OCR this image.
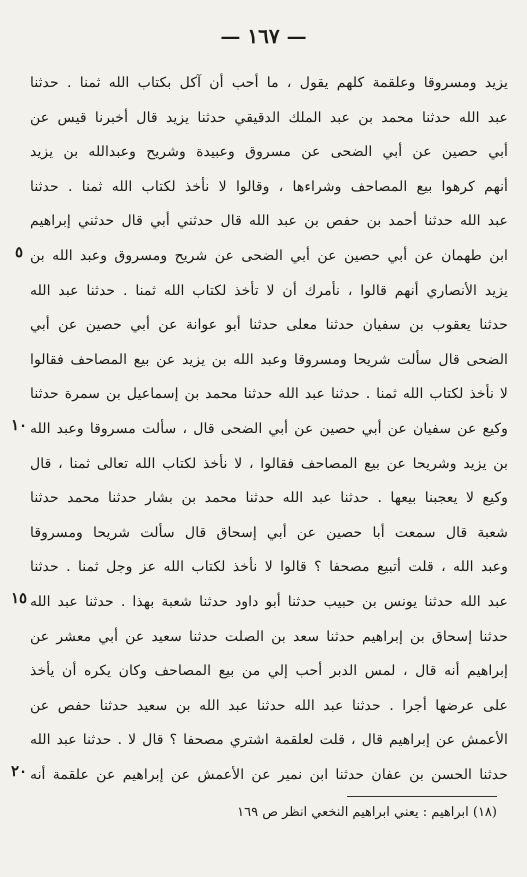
— ١٦٧ —
٥
١٠
١٥
٢٠
يزيد ومسروقا وعلقمة كلهم يقول ، ما أحب أن آكل بكتاب الله ثمنا . حدثنا
عبد الله حدثنا محمد بن عبد الملك الدقيقي حدثنا يزيد قال أخبرنا قيس عن
أبي حصين عن أبي الضحى عن مسروق وعبيدة وشريح وعبدالله بن يزيد
أنهم كرهوا بيع المصاحف وشراءها ، وقالوا لا نأخذ لكتاب الله ثمنا . حدثنا
عبد الله حدثنا أحمد بن حفص بن عبد الله قال حدثني أبي قال حدثني إبراهيم
ابن طهمان عن أبي حصين عن أبي الضحى عن شريح ومسروق وعبد الله بن
يزيد الأنصاري أنهم قالوا ، نأمرك أن لا تأخذ لكتاب الله ثمنا . حدثنا عبد الله
حدثنا يعقوب بن سفيان حدثنا معلى حدثنا أبو عوانة عن أبي حصين عن أبي
الضحى قال سألت شريحا ومسروقا وعبد الله بن يزيد عن بيع المصاحف فقالوا
لا نأخذ لكتاب الله ثمنا . حدثنا عبد الله حدثنا محمد بن إسماعيل بن سمرة حدثنا
وكيع عن سفيان عن أبي حصين عن أبي الضحى قال ، سألت مسروقا وعبد الله
بن يزيد وشريحا عن بيع المصاحف فقالوا ، لا نأخذ لكتاب الله تعالى ثمنا ، قال
وكيع لا يعجبنا بيعها . حدثنا عبد الله حدثنا محمد بن بشار حدثنا محمد حدثنا
شعبة قال سمعت أبا حصين عن أبي إسحاق قال سألت شريحا ومسروقا
وعبد الله ، قلت أتبيع مصحفا ؟ قالوا لا نأخذ لكتاب الله عز وجل ثمنا . حدثنا
عبد الله حدثنا يونس بن حبيب حدثنا أبو داود حدثنا شعبة بهذا . حدثنا عبد الله
حدثنا إسحاق بن إبراهيم حدثنا سعد بن الصلت حدثنا سعيد عن أبي معشر عن
إبراهيم أنه قال ، لمس الدبر أحب إلي من بيع المصاحف وكان يكره أن يأخذ
على عرضها أجرا . حدثنا عبد الله حدثنا عبد الله بن سعيد حدثنا حفص عن
الأعمش عن إبراهيم قال ، قلت لعلقمة اشتري مصحفا ؟ قال لا . حدثنا عبد الله
حدثنا الحسن بن عفان حدثنا ابن نمير عن الأعمش عن إبراهيم عن علقمة أنه
(١٨) ابراهيم : يعني ابراهيم النخعي انظر ص ١٦٩
